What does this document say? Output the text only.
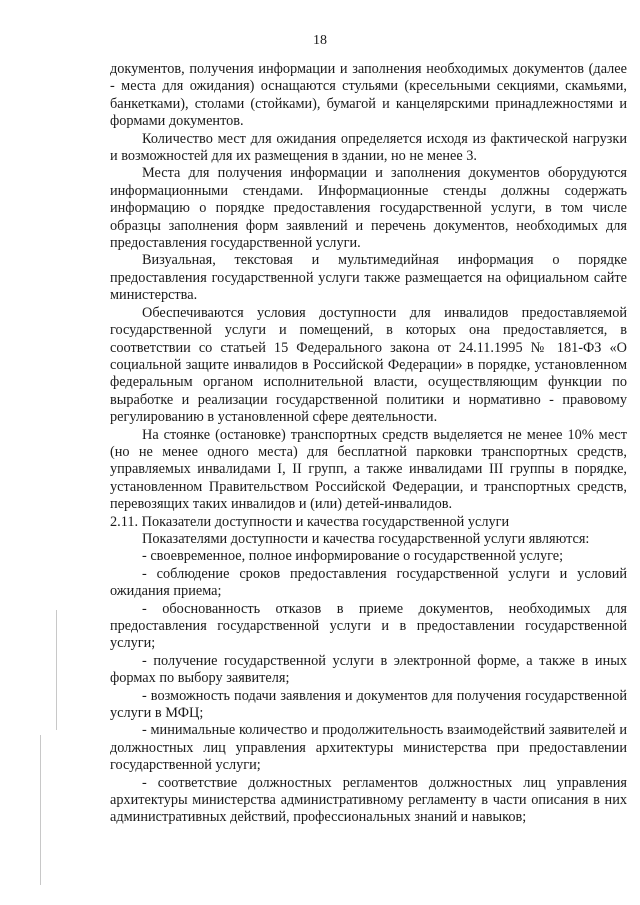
18

документов, получения информации и заполнения необходимых документов (далее - места для ожидания) оснащаются стульями (кресельными секциями, скамьями, банкетками), столами (стойками), бумагой и канцелярскими принадлежностями и формами документов.

Количество мест для ожидания определяется исходя из фактической нагрузки и возможностей для их размещения в здании, но не менее 3.

Места для получения информации и заполнения документов оборудуются информационными стендами. Информационные стенды должны содержать информацию о порядке предоставления государственной услуги, в том числе образцы заполнения форм заявлений и перечень документов, необходимых для предоставления государственной услуги.

Визуальная, текстовая и мультимедийная информация о порядке предоставления государственной услуги также размещается на официальном сайте министерства.

Обеспечиваются условия доступности для инвалидов предоставляемой государственной услуги и помещений, в которых она предоставляется, в соответствии со статьей 15 Федерального закона от 24.11.1995 № 181-ФЗ «О социальной защите инвалидов в Российской Федерации» в порядке, установленном федеральным органом исполнительной власти, осуществляющим функции по выработке и реализации государственной политики и нормативно - правовому регулированию в установленной сфере деятельности.

На стоянке (остановке) транспортных средств выделяется не менее 10% мест (но не менее одного места) для бесплатной парковки транспортных средств, управляемых инвалидами I, II групп, а также инвалидами III группы в порядке, установленном Правительством Российской Федерации, и транспортных средств, перевозящих таких инвалидов и (или) детей-инвалидов.

2.11. Показатели доступности и качества государственной услуги

Показателями доступности и качества государственной услуги являются:

- своевременное, полное информирование о государственной услуге;

- соблюдение сроков предоставления государственной услуги и условий ожидания приема;

- обоснованность отказов в приеме документов, необходимых для предоставления государственной услуги и в предоставлении государственной услуги;

- получение государственной услуги в электронной форме, а также в иных формах по выбору заявителя;

- возможность подачи заявления и документов для получения государственной услуги в МФЦ;

- минимальные количество и продолжительность взаимодействий заявителей и должностных лиц управления архитектуры министерства при предоставлении государственной услуги;

- соответствие должностных регламентов должностных лиц управления архитектуры министерства административному регламенту в части описания в них административных действий, профессиональных знаний и навыков;
